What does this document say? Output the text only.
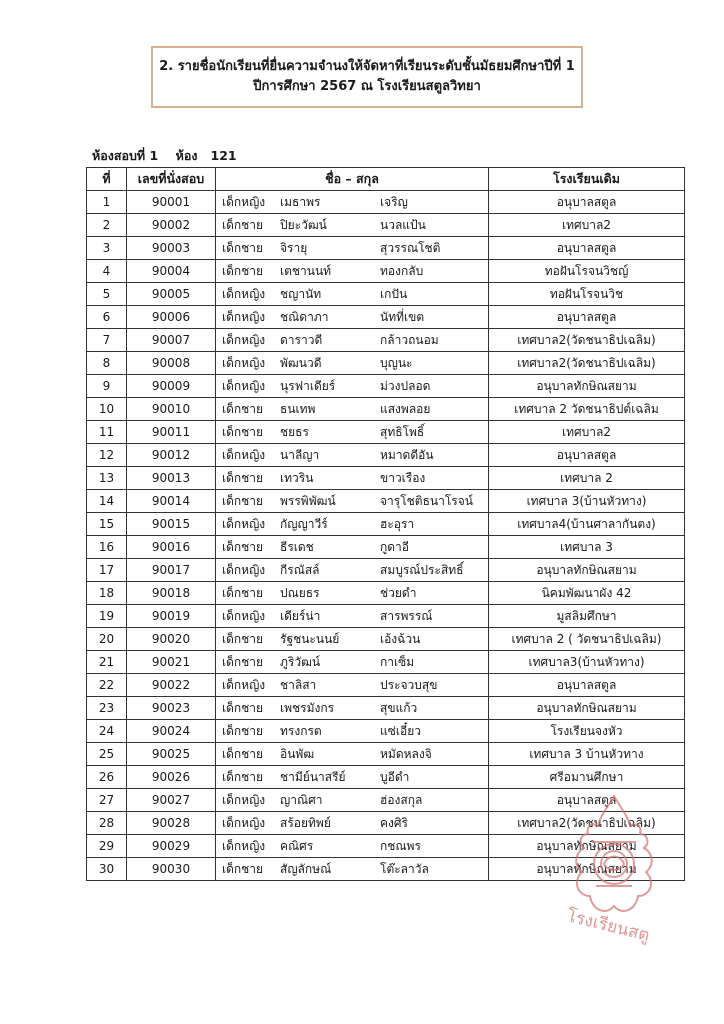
2. รายชื่อนักเรียนที่ยื่นความจำนงให้จัดหาที่เรียนระดับชั้นมัธยมศึกษาปีที่ 1
ปีการศึกษา 2567 ณ โรงเรียนสตูลวิทยา
ห้องสอบที่ 1    ห้อง   121
ที่	เลขที่นั่งสอบ	ชื่อ – สกุล	โรงเรียนเดิม
1	90001	เด็กหญิง เมธาพร เจริญ	อนุบาลสตูล
2	90002	เด็กชาย ปิยะวัฒน์ นวลแป้น	เทศบาล2
3	90003	เด็กชาย จิรายุ สุวรรณโชติ	อนุบาลสตูล
4	90004	เด็กชาย เตชานนท์ ทองกลับ	ทอฝันโรจนวิชญ์
5	90005	เด็กหญิง ชญานัท เกปัน	ทอฝันโรจนวิช
6	90006	เด็กหญิง ชณิดาภา นัทที่เขต	อนุบาลสตูล
7	90007	เด็กหญิง ดาราวดี กล้าวถนอม	เทศบาล2(วัดชนาธิปเฉลิม)
8	90008	เด็กหญิง พัฒนวดี บุญนะ	เทศบาล2(วัดชนาธิปเฉลิม)
9	90009	เด็กหญิง นุรฟาเดียร์ ม่วงปลอด	อนุบาลทักษิณสยาม
10	90010	เด็กชาย ธนเทพ แสงพลอย	เทศบาล 2 วัดชนาธิปต์เฉลิม
11	90011	เด็กชาย ชยธร สุทธิโพธิ์	เทศบาล2
12	90012	เด็กหญิง นาลีญา หมาดดีอัน	อนุบาลสตูล
13	90013	เด็กชาย เทวริน ขาวเรือง	เทศบาล 2
14	90014	เด็กชาย พรรพิพัฒน์ จารุโชติธนาโรจน์	เทศบาล 3(บ้านหัวทาง)
15	90015	เด็กหญิง กัญญาวีร์ ฮะอุรา	เทศบาล4(บ้านศาลากันตง)
16	90016	เด็กชาย ธีรเดช กูดาอี	เทศบาล 3
17	90017	เด็กหญิง กีรณัสล์ สมบูรณ์ประสิทธิ์	อนุบาลทักษิณสยาม
18	90018	เด็กชาย ปณยธร ช่วยดำ	นิคมพัฒนาผัง 42
19	90019	เด็กหญิง เดียร์น่า สารพรรณ์	มูสลิมศึกษา
20	90020	เด็กชาย รัฐชนะนนย์ เอ้งฉ้วน	เทศบาล 2 ( วัดชนาธิปเฉลิม)
21	90021	เด็กชาย ภูริวัฒน์ กาเซ็ม	เทศบาล3(บ้านหัวทาง)
22	90022	เด็กหญิง ชาลิสา ประจวบสุข	อนุบาลสตูล
23	90023	เด็กชาย เพชรมังกร สุขแก้ว	อนุบาลทักษิณสยาม
24	90024	เด็กชาย ทรงกรต แซ่เอี๋ยว	โรงเรียนจงหัว
25	90025	เด็กชาย อินพัฒ หมัดหลงจิ	เทศบาล 3 บ้านหัวทาง
26	90026	เด็กชาย ชามีย์นาสรีย์ บูอีดำ	ศรีอมานศึกษา
27	90027	เด็กหญิง ญาณิศา ฮ่องสกุล	อนุบาลสตูล
28	90028	เด็กหญิง สร้อยทิพย์ คงศิริ	เทศบาล2(วัดชนาธิปเฉลิม)
29	90029	เด็กหญิง คณิศร กชณพร	อนุบาลทักษิณสยาม
30	90030	เด็กชาย สัญลักษณ์ โต๊ะลาวัล	อนุบาลทักษิณสยาม
โรงเรียนสตู
